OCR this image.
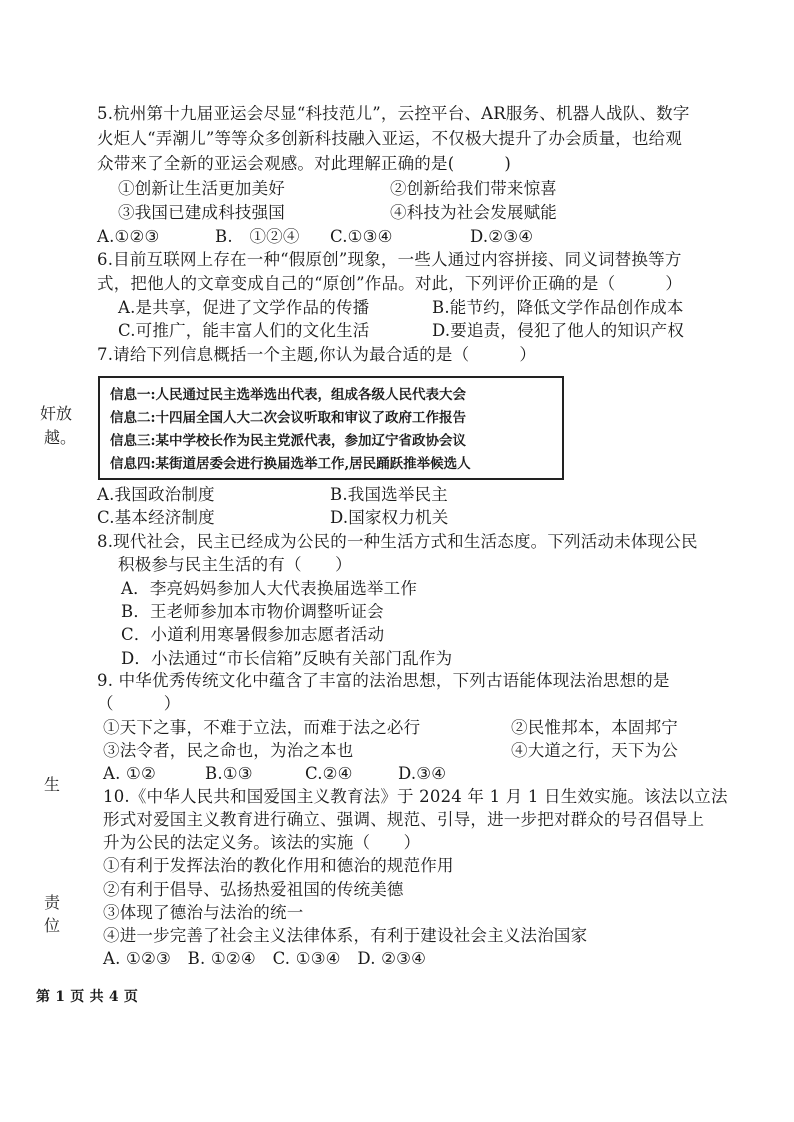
奸放
越。
生
责
位
5.杭州第十九届亚运会尽显“科技范儿”，云控平台、AR服务、机器人战队、数字
火炬人“弄潮儿”等等众多创新科技融入亚运，不仅极大提升了办会质量，也给观
众带来了全新的亚运会观感。对此理解正确的是(　　　)
①创新让生活更加美好	②创新给我们带来惊喜
③我国已建成科技强国	④科技为社会发展赋能
A.①②③	B.　①②④ C.①③④	D.②③④
6.目前互联网上存在一种“假原创”现象，一些人通过内容拼接、同义词替换等方
式，把他人的文章变成自己的“原创”作品。对此，下列评价正确的是（　　　）
A.是共享，促进了文学作品的传播	B.能节约，降低文学作品创作成本
C.可推广，能丰富人们的文化生活	D.要追责，侵犯了他人的知识产权
7.请给下列信息概括一个主题,你认为最合适的是（　　　）
信息一:人民通过民主选举选出代表，组成各级人民代表大会
信息二:十四届全国人大二次会议听取和审议了政府工作报告
信息三:某中学校长作为民主党派代表，参加辽宁省政协会议
信息四:某街道居委会进行换届选举工作,居民踊跃推举候选人
A.我国政治制度	B.我国选举民主
C.基本经济制度	D.国家权力机关
8.现代社会，民主已经成为公民的一种生活方式和生活态度。下列活动未体现公民
积极参与民主生活的有（　　）
A．李亮妈妈参加人大代表换届选举工作
B．王老师参加本市物价调整听证会
C．小道利用寒暑假参加志愿者活动
D．小法通过“市长信箱”反映有关部门乱作为
9. 中华优秀传统文化中蕴含了丰富的法治思想，下列古语能体现法治思想的是
（　　　）
①天下之事，不难于立法，而难于法之必行	②民惟邦本，本固邦宁
③法令者，民之命也，为治之本也	④大道之行，天下为公
A. ①②	B.①③	C.②④	D.③④
10.《中华人民共和国爱国主义教育法》于 2024 年 1 月 1 日生效实施。该法以立法
形式对爱国主义教育进行确立、强调、规范、引导，进一步把对群众的号召倡导上
升为公民的法定义务。该法的实施（　　）
①有利于发挥法治的教化作用和德治的规范作用
②有利于倡导、弘扬热爱祖国的传统美德
③体现了德治与法治的统一
④进一步完善了社会主义法律体系，有利于建设社会主义法治国家
A. ①②③　B. ①②④　C. ①③④　D. ②③④
第 1 页 共 4 页
